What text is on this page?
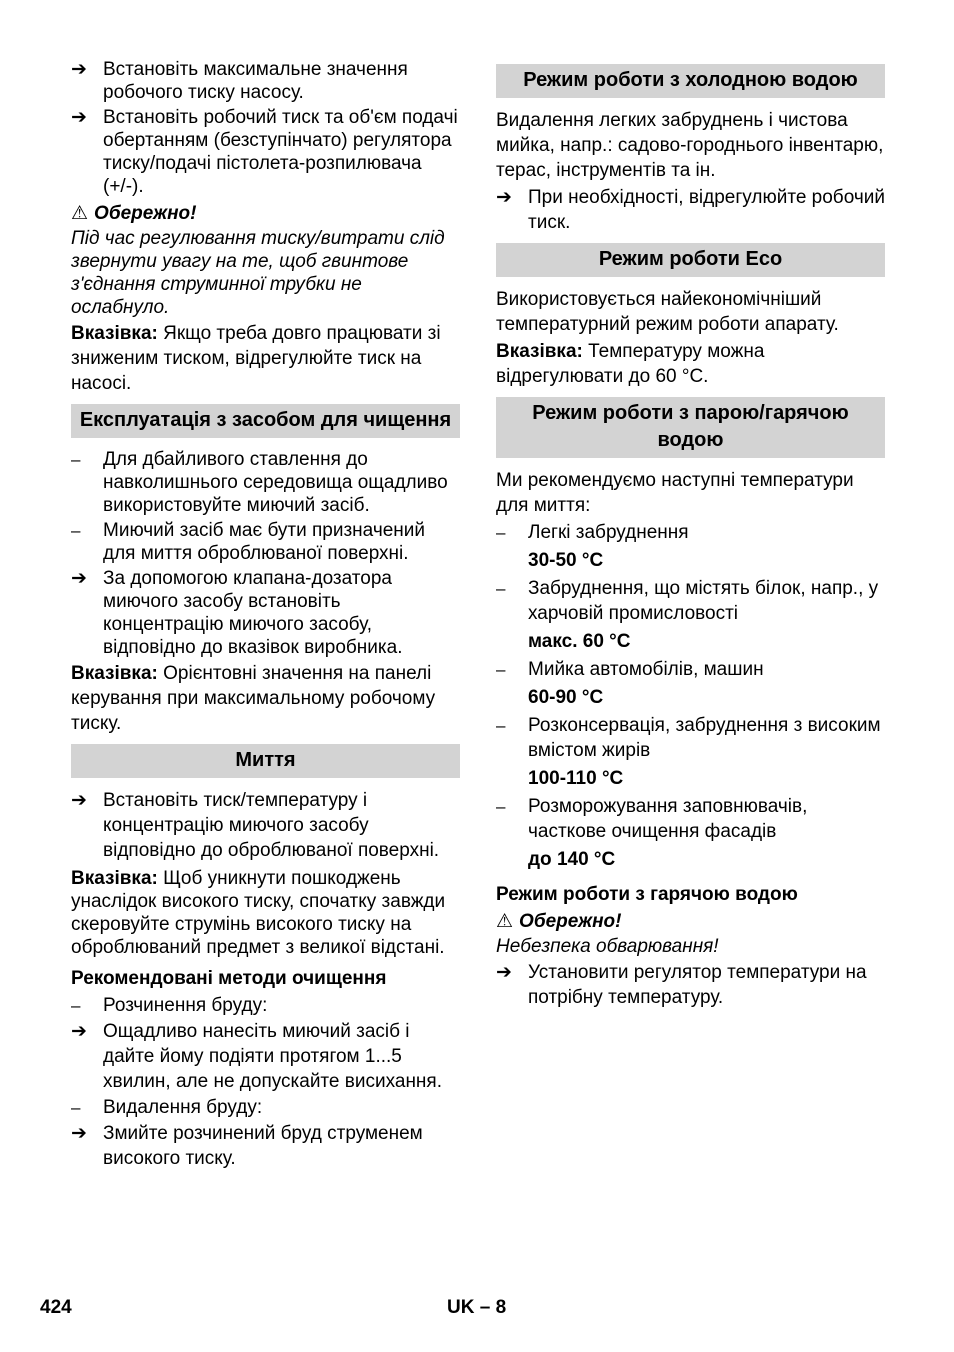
➔ Встановіть максимальне значення робочого тиску насосу.
➔ Встановіть робочий тиск та об'єм подачі обертанням (безступінчато) регулятора тиску/подачі пістолета-розпилювача (+/-).
⚠ Обережно!
Під час регулювання тиску/витрати слід звернути увагу на те, щоб гвинтове з'єднання струминної трубки не ослабнуло.
Вказівка: Якщо треба довго працювати зі зниженим тиском, відрегулюйте тиск на насосі.
Експлуатація з засобом для чищення
–	Для дбайливого ставлення до навколишнього середовища ощадливо використовуйте миючий засіб.
–	Миючий засіб має бути призначений для миття оброблюваної поверхні.
➔ За допомогою клапана-дозатора миючого засобу встановіть концентрацію миючого засобу, відповідно до вказівок виробника.
Вказівка: Орієнтовні значення на панелі керування при максимальному робочому тиску.
Миття
➔ Встановіть тиск/температуру і концентрацію миючого засобу відповідно до оброблюваної поверхні.
Вказівка: Щоб уникнути пошкоджень унаслідок високого тиску, спочатку завжди скеровуйте струмінь високого тиску на оброблюваний предмет з великої відстані.
Рекомендовані методи очищення
–	Розчинення бруду:
➔ Ощадливо нанесіть миючий засіб і дайте йому подіяти протягом 1...5 хвилин, але не допускайте висихання.
–	Видалення бруду:
➔ Змийте розчинений бруд струменем високого тиску.
Режим роботи з холодною водою
Видалення легких забруднень і чистова мийка, напр.: садово-городнього інвентарю, терас, інструментів та ін.
➔ При необхідності, відрегулюйте робочий тиск.
Режим роботи Eco
Використовується найекономічніший температурний режим роботи апарату.
Вказівка: Температуру можна відрегулювати до 60 °C.
Режим роботи з парою/гарячою водою
Ми рекомендуємо наступні температури для миття:
–	Легкі забруднення
30-50 °C
–	Забруднення, що містять білок, напр., у харчовій промисловості
макс. 60 °C
–	Мийка автомобілів, машин
60-90 °C
–	Розконсервація, забруднення з високим вмістом жирів
100-110 °C
–	Розморожування заповнювачів, часткове очищення фасадів
до 140 °C
Режим роботи з гарячою водою
⚠ Обережно!
Небезпека обварювання!
➔ Установити регулятор температури на потрібну температуру.
424	UK – 8
